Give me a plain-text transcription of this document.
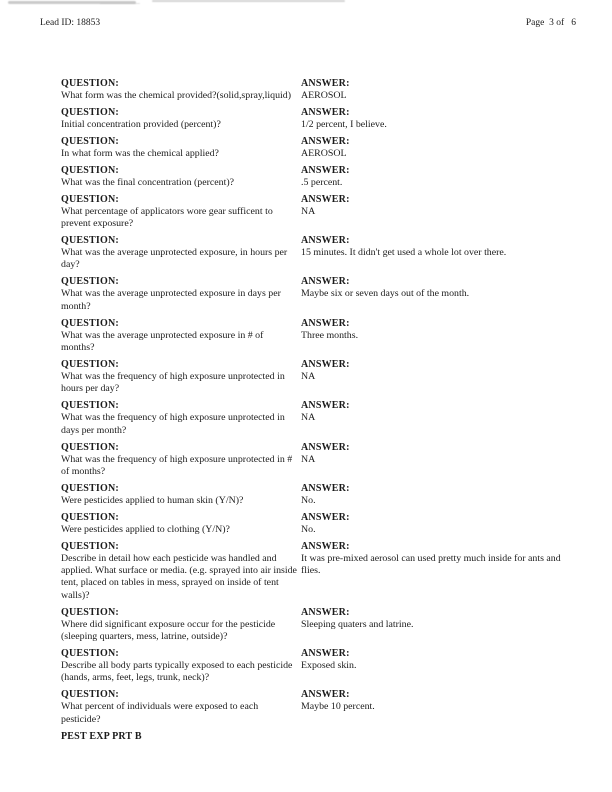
Lead ID: 18853	Page  3 of   6
QUESTION:
What form was the chemical provided?(solid,spray,liquid)
ANSWER:
AEROSOL
QUESTION:
Initial concentration provided (percent)?
ANSWER:
1/2 percent, I believe.
QUESTION:
In what form was the chemical applied?
ANSWER:
AEROSOL
QUESTION:
What was the final concentration (percent)?
ANSWER:
.5 percent.
QUESTION:
What percentage of applicators wore gear sufficent to prevent exposure?
ANSWER:
NA
QUESTION:
What was the average unprotected exposure, in hours per day?
ANSWER:
15 minutes. It didn't get used a whole lot over there.
QUESTION:
What was the average unprotected exposure in days per month?
ANSWER:
Maybe six or seven days out of the month.
QUESTION:
What was the average unprotected exposure in # of months?
ANSWER:
Three months.
QUESTION:
What was the frequency of high exposure unprotected in hours per day?
ANSWER:
NA
QUESTION:
What was the frequency of high exposure unprotected in days per month?
ANSWER:
NA
QUESTION:
What was the frequency of high exposure unprotected in # of months?
ANSWER:
NA
QUESTION:
Were pesticides applied to human skin (Y/N)?
ANSWER:
No.
QUESTION:
Were pesticides applied to clothing (Y/N)?
ANSWER:
No.
QUESTION:
Describe in detail how each pesticide was handled and applied. What surface or media. (e.g. sprayed into air inside tent, placed on tables in mess, sprayed on inside of tent walls)?
ANSWER:
It was pre-mixed aerosol can used pretty much inside for ants and flies.
QUESTION:
Where did significant exposure occur for the pesticide (sleeping quarters, mess, latrine, outside)?
ANSWER:
Sleeping quaters and latrine.
QUESTION:
Describe all body parts typically exposed to each pesticide (hands, arms, feet, legs, trunk, neck)?
ANSWER:
Exposed skin.
QUESTION:
What percent of individuals were exposed to each pesticide?
ANSWER:
Maybe 10 percent.
PEST EXP PRT B
